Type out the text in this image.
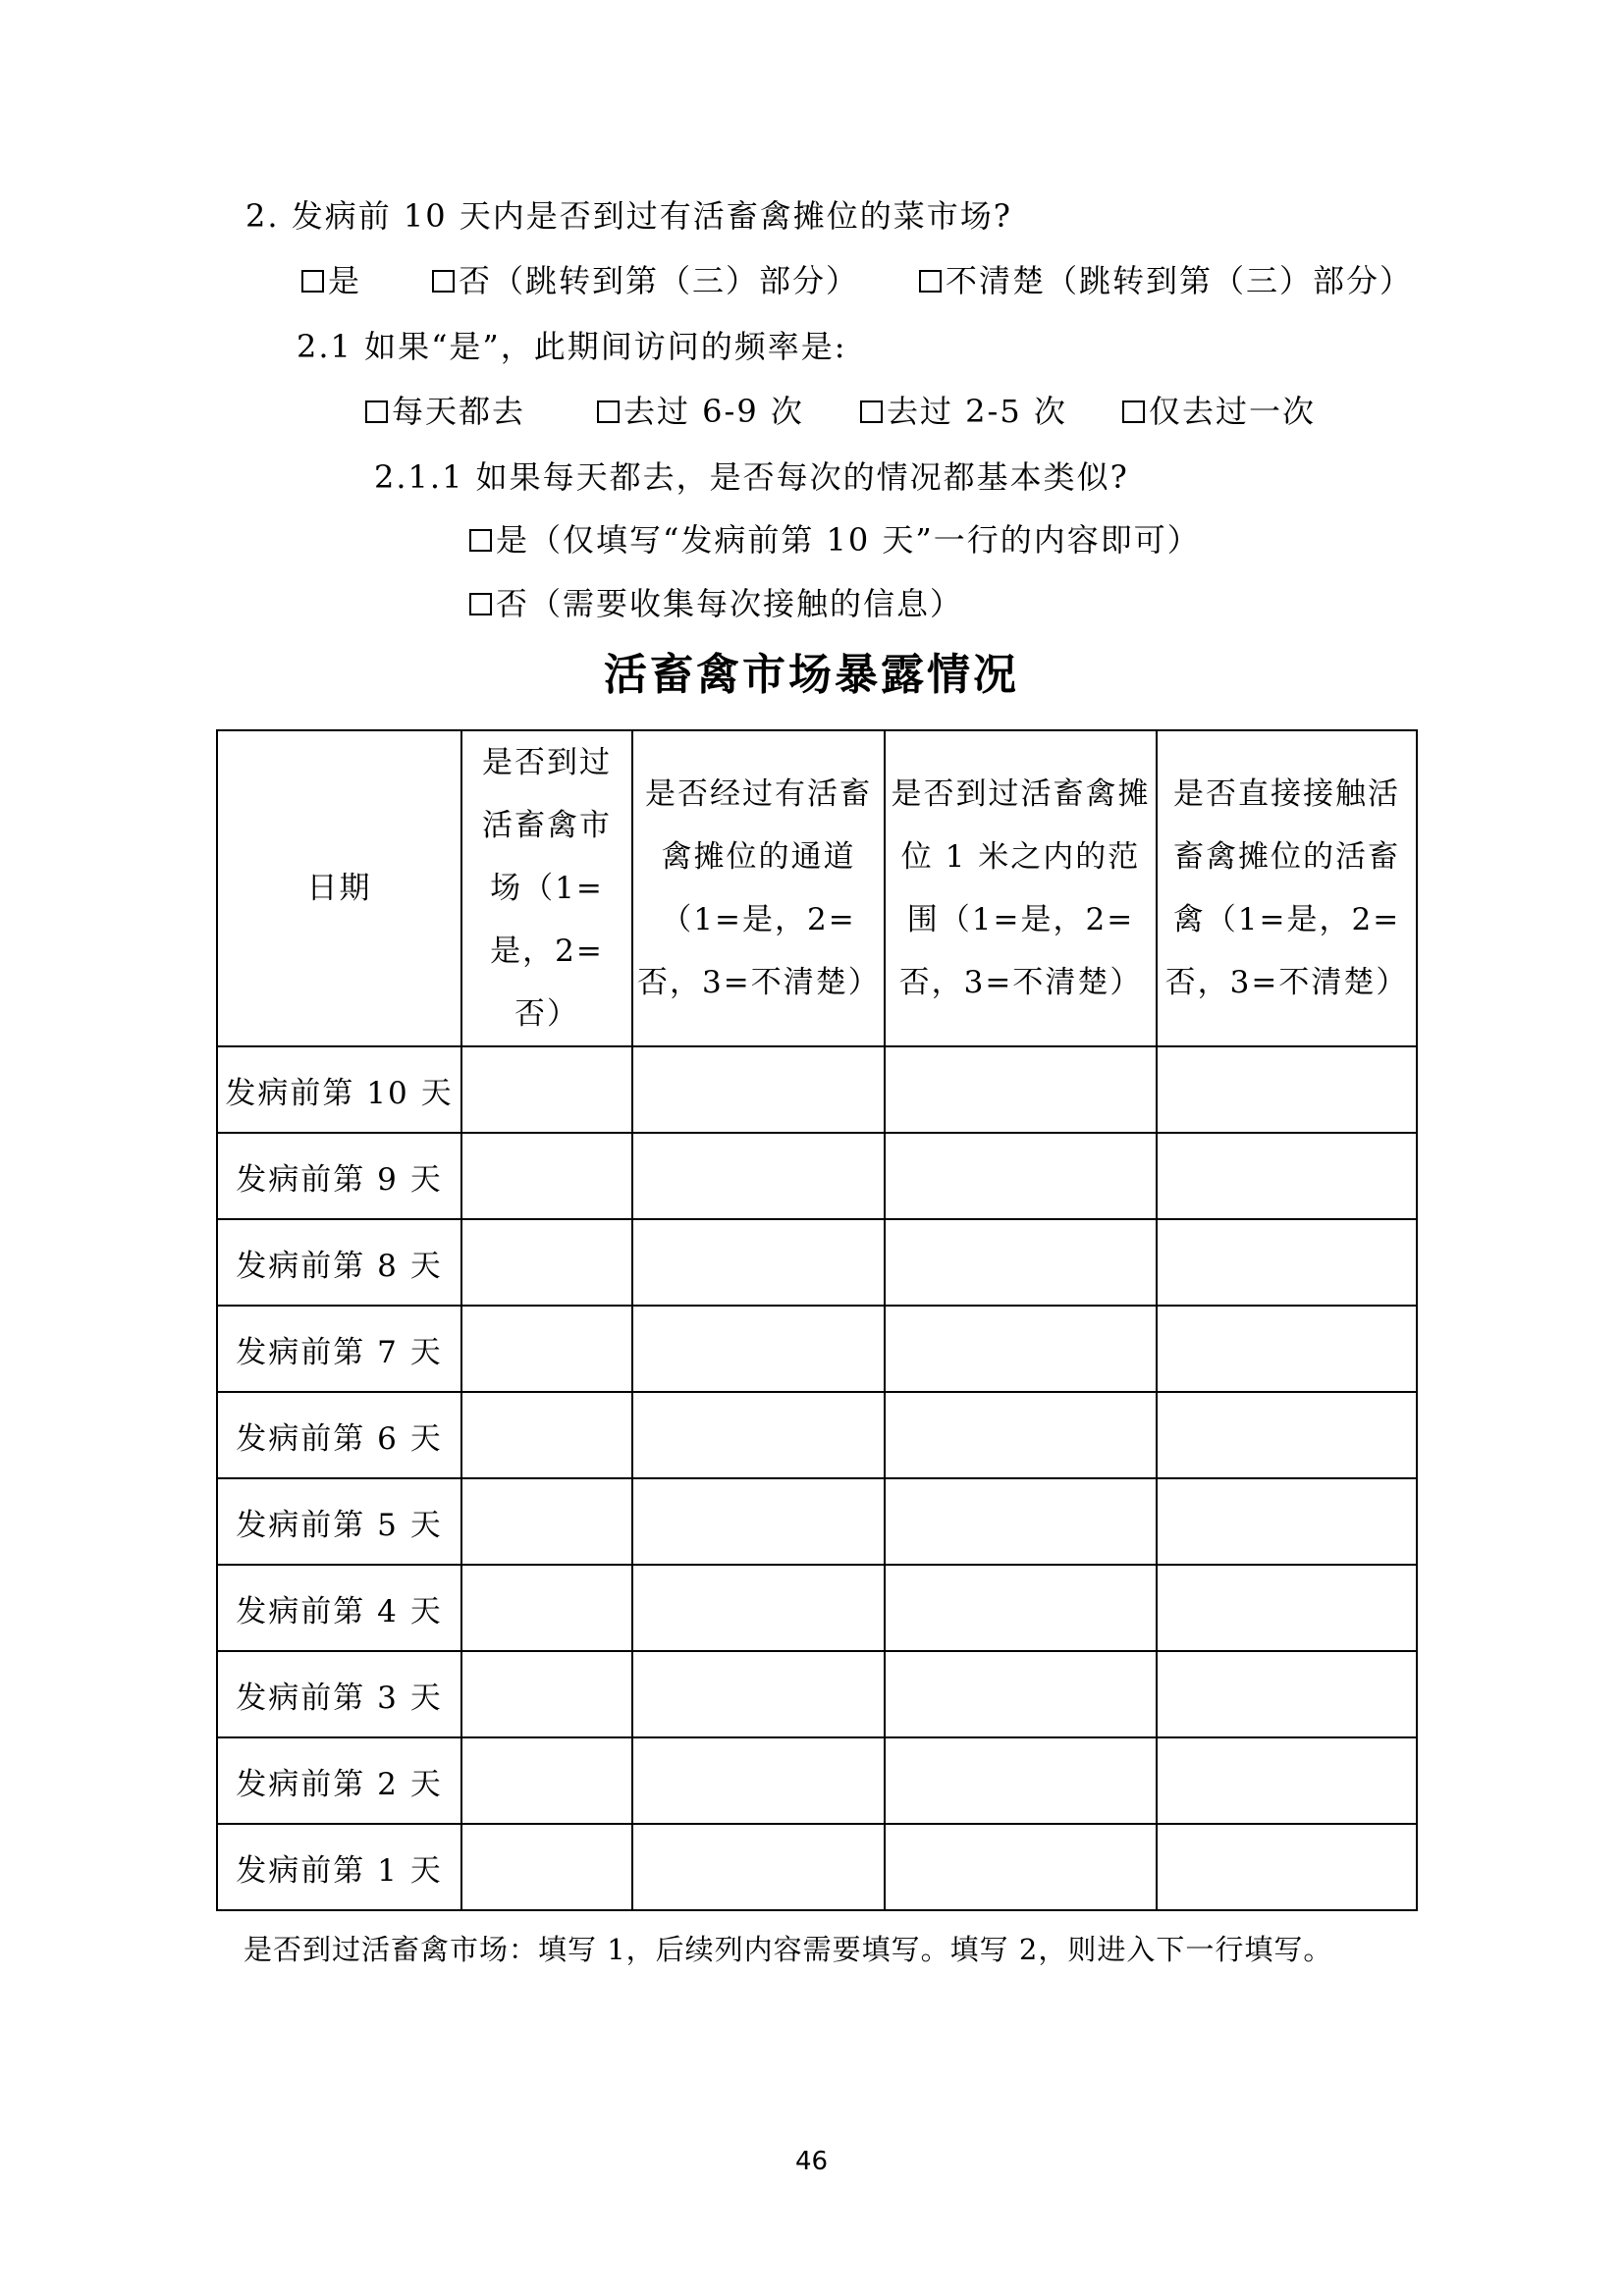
2. 发病前 10 天内是否到过有活畜禽摊位的菜市场?
是	否（跳转到第（三）部分）	不清楚（跳转到第（三）部分）
2.1 如果“是”，此期间访问的频率是:
每天都去	去过 6-9 次	去过 2-5 次	仅去过一次
2.1.1 如果每天都去，是否每次的情况都基本类似?
是（仅填写“发病前第 10 天”一行的内容即可）
否（需要收集每次接触的信息）
活畜禽市场暴露情况
日期	是否到过活畜禽市场（1=是，2=否）	是否经过有活畜禽摊位的通道（1=是，2=否，3=不清楚）	是否到过活畜禽摊位 1 米之内的范围（1=是，2=否，3=不清楚）	是否直接接触活畜禽摊位的活畜禽（1=是，2=否，3=不清楚）
发病前第 10 天				
发病前第 9 天				
发病前第 8 天				
发病前第 7 天				
发病前第 6 天				
发病前第 5 天				
发病前第 4 天				
发病前第 3 天				
发病前第 2 天				
发病前第 1 天				
是否到过活畜禽市场：填写 1，后续列内容需要填写。填写 2，则进入下一行填写。
46
